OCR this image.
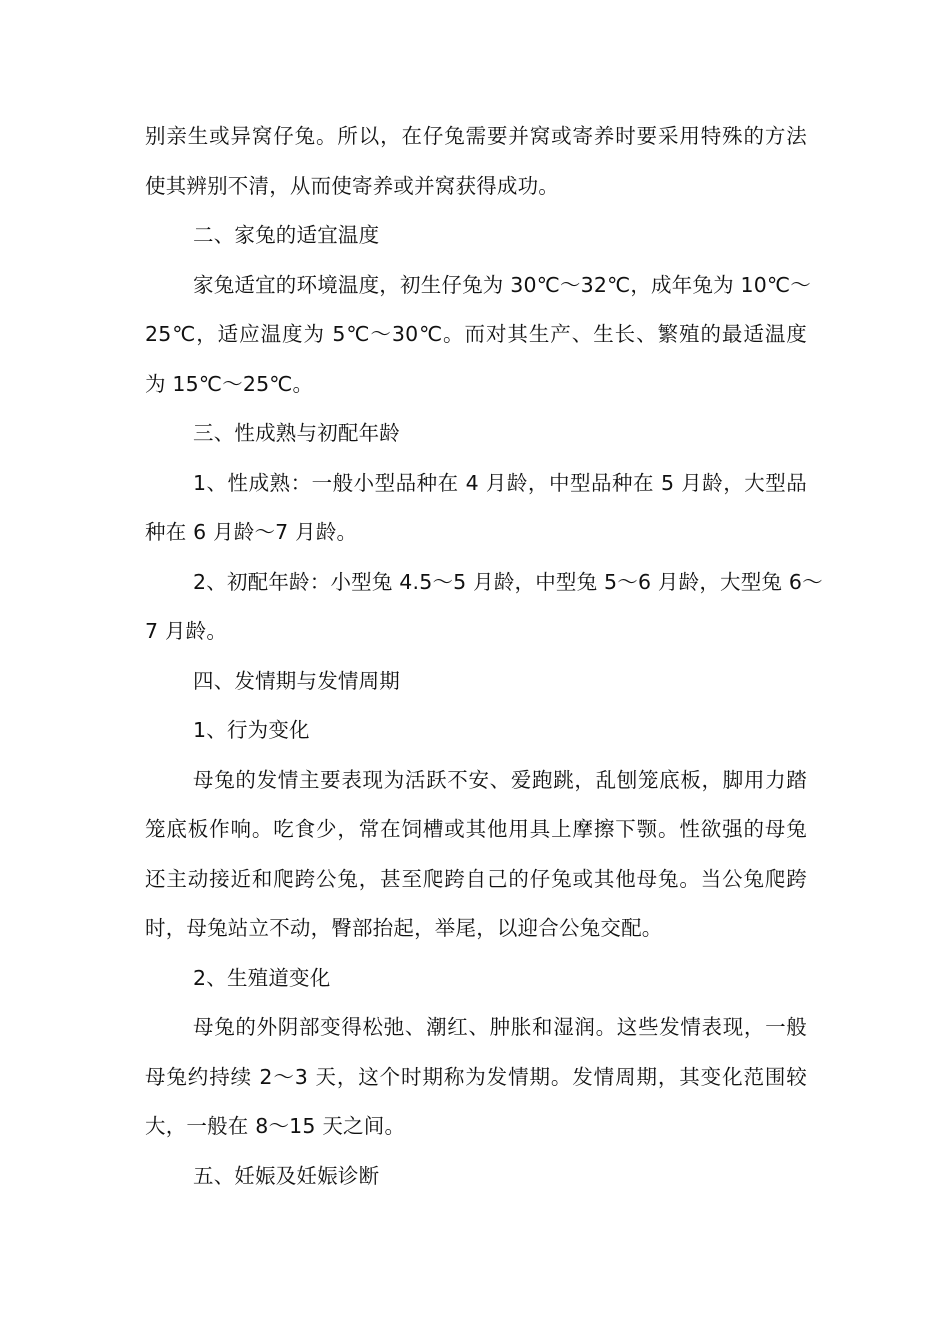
别亲生或异窝仔兔。所以，在仔兔需要并窝或寄养时要采用特殊的方法
使其辨别不清，从而使寄养或并窝获得成功。
二、家兔的适宜温度
家兔适宜的环境温度，初生仔兔为 30℃～32℃，成年兔为 10℃～
25℃，适应温度为 5℃～30℃。而对其生产、生长、繁殖的最适温度
为 15℃～25℃。
三、性成熟与初配年龄
1、性成熟：一般小型品种在 4 月龄，中型品种在 5 月龄，大型品
种在 6 月龄～7 月龄。
2、初配年龄：小型兔 4.5～5 月龄，中型兔 5～6 月龄，大型兔 6～
7 月龄。
四、发情期与发情周期
1、行为变化
母兔的发情主要表现为活跃不安、爱跑跳，乱刨笼底板，脚用力踏
笼底板作响。吃食少，常在饲槽或其他用具上摩擦下颚。性欲强的母兔
还主动接近和爬跨公兔，甚至爬跨自己的仔兔或其他母兔。当公兔爬跨
时，母兔站立不动，臀部抬起，举尾，以迎合公兔交配。
2、生殖道变化
母兔的外阴部变得松弛、潮红、肿胀和湿润。这些发情表现，一般
母兔约持续 2～3 天，这个时期称为发情期。发情周期，其变化范围较
大，一般在 8～15 天之间。
五、妊娠及妊娠诊断
